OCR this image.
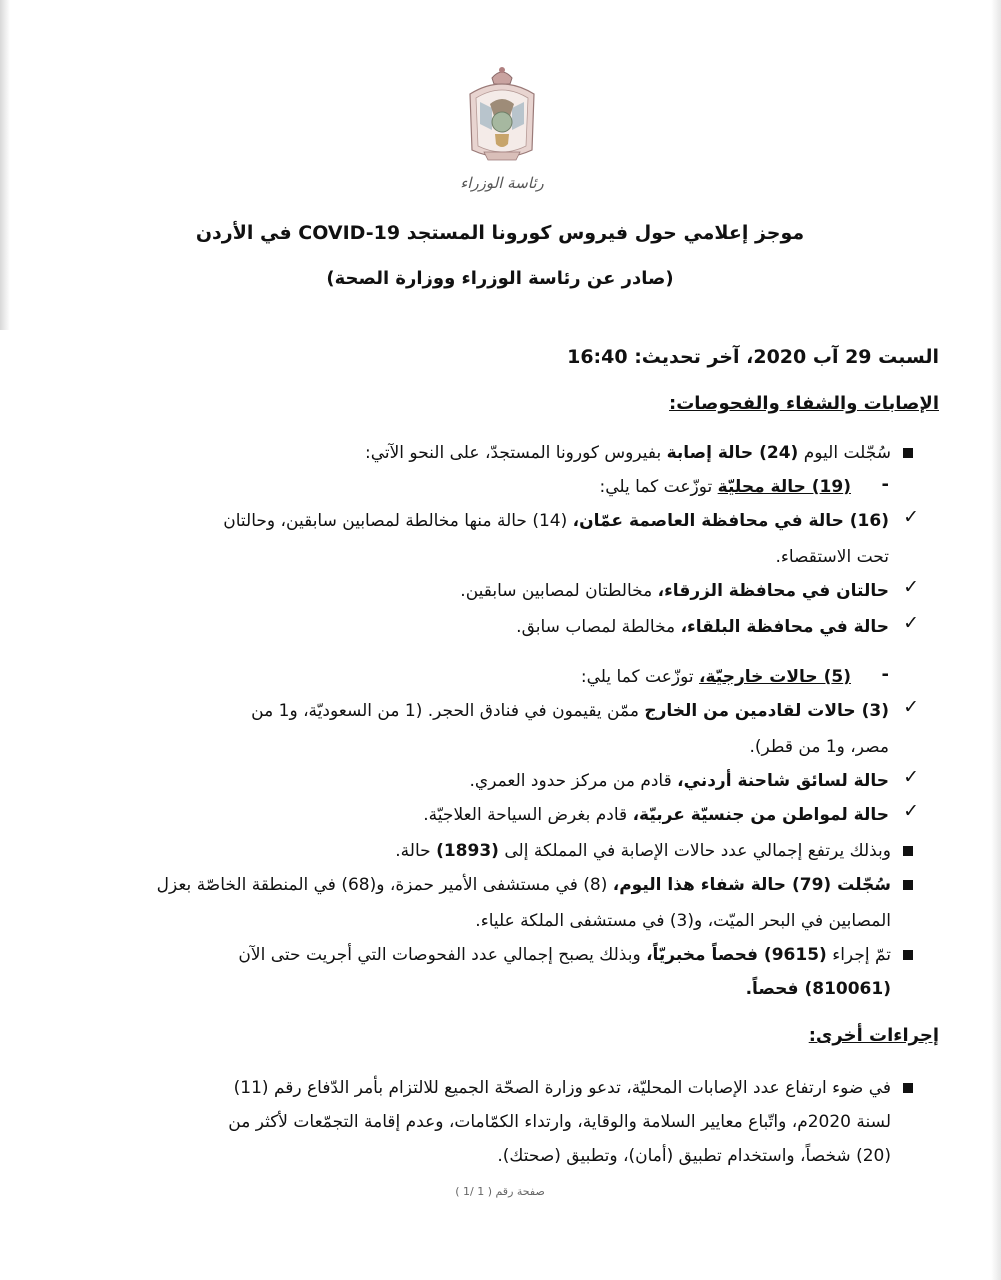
رئاسة الوزراء
موجز إعلامي حول فيروس كورونا المستجد COVID-19 في الأردن
(صادر عن رئاسة الوزراء ووزارة الصحة)
السبت 29 آب 2020، آخر تحديث: 16:40
الإصابات والشفاء والفحوصات:
سُجّلت اليوم (24) حالة إصابة بفيروس كورونا المستجدّ، على النحو الآتي:
-
(19) حالة محليّة توزّعت كما يلي:
✓
(16) حالة في محافظة العاصمة عمّان، (14) حالة منها مخالطة لمصابين سابقين، وحالتان
تحت الاستقصاء.
✓
حالتان في محافظة الزرقاء، مخالطتان لمصابين سابقين.
✓
حالة في محافظة البلقاء، مخالطة لمصاب سابق.
-
(5) حالات خارجيّة، توزّعت كما يلي:
✓
(3) حالات لقادمين من الخارج ممّن يقيمون في فنادق الحجر. (1 من السعوديّة، و1 من
مصر، و1 من قطر).
✓
حالة لسائق شاحنة أردني، قادم من مركز حدود العمري.
✓
حالة لمواطن من جنسيّة عربيّة، قادم بغرض السياحة العلاجيّة.
وبذلك يرتفع إجمالي عدد حالات الإصابة في المملكة إلى (1893) حالة.
سُجّلت (79) حالة شفاء هذا اليوم، (8) في مستشفى الأمير حمزة، و(68) في المنطقة الخاصّة بعزل
المصابين في البحر الميّت، و(3) في مستشفى الملكة علياء.
تمّ إجراء (9615) فحصاً مخبريّاً، وبذلك يصبح إجمالي عدد الفحوصات التي أجريت حتى الآن
(810061) فحصاً.
إجراءات أخرى:
في ضوء ارتفاع عدد الإصابات المحليّة، تدعو وزارة الصحّة الجميع للالتزام بأمر الدّفاع رقم (11)
لسنة 2020م، واتّباع معايير السلامة والوقاية، وارتداء الكمّامات، وعدم إقامة التجمّعات لأكثر من
(20) شخصاً، واستخدام تطبيق (أمان)، وتطبيق (صحتك).
صفحة رقم ( 1 /1 )
